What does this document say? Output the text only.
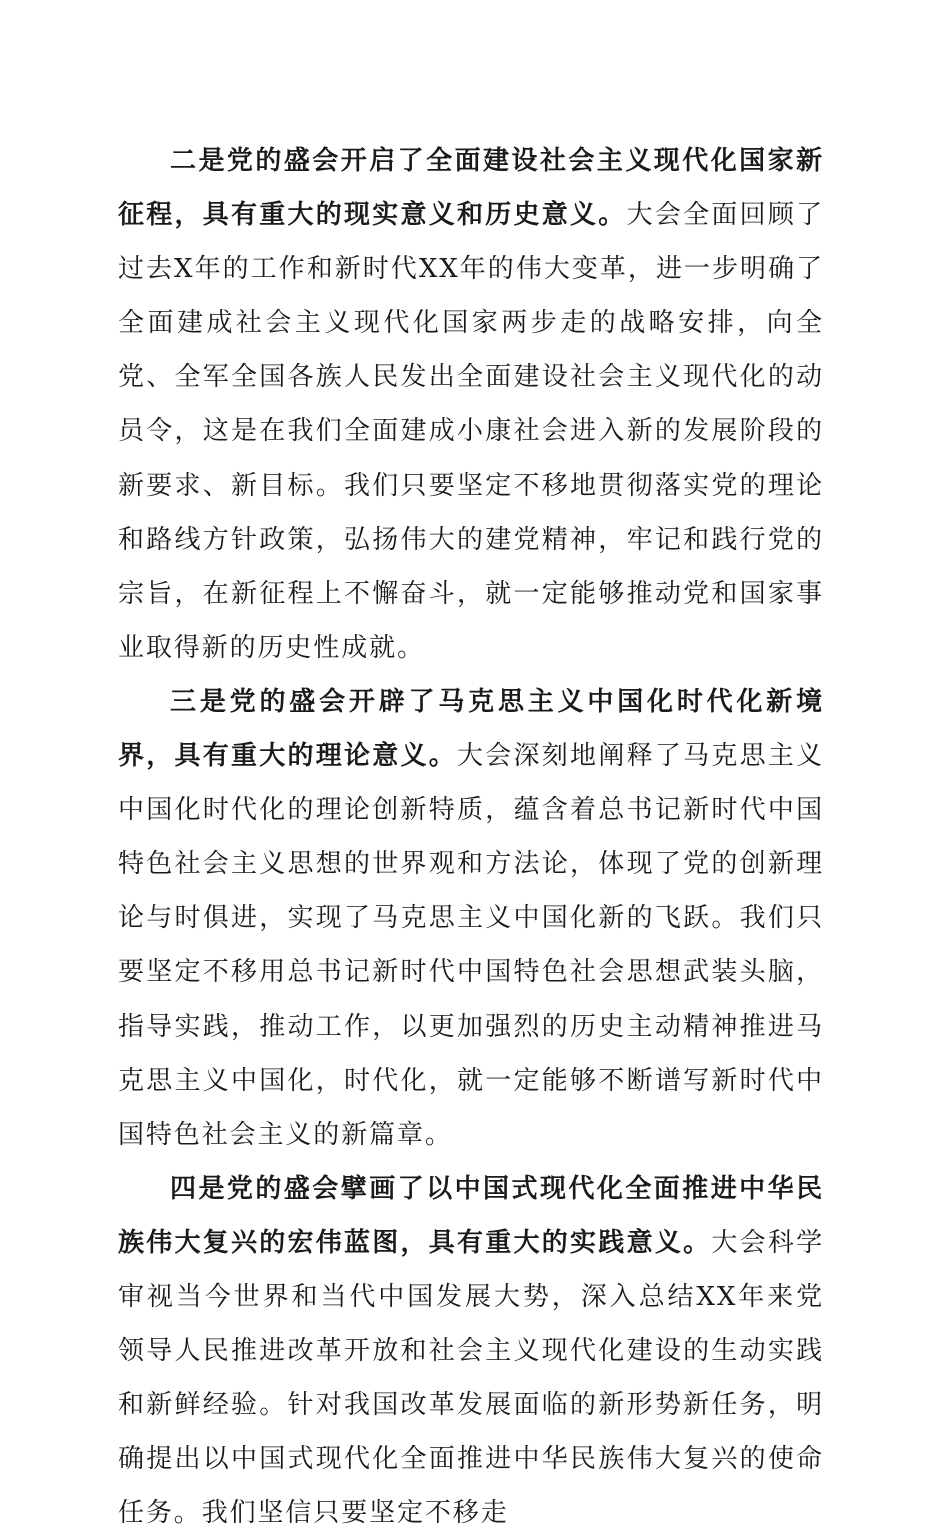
二是党的盛会开启了全面建设社会主义现代化国家新征程，具有重大的现实意义和历史意义。大会全面回顾了过去X年的工作和新时代XX年的伟大变革，进一步明确了全面建成社会主义现代化国家两步走的战略安排，向全党、全军全国各族人民发出全面建设社会主义现代化的动员令，这是在我们全面建成小康社会进入新的发展阶段的新要求、新目标。我们只要坚定不移地贯彻落实党的理论和路线方针政策，弘扬伟大的建党精神，牢记和践行党的宗旨，在新征程上不懈奋斗，就一定能够推动党和国家事业取得新的历史性成就。

三是党的盛会开辟了马克思主义中国化时代化新境界，具有重大的理论意义。大会深刻地阐释了马克思主义中国化时代化的理论创新特质，蕴含着总书记新时代中国特色社会主义思想的世界观和方法论，体现了党的创新理论与时俱进，实现了马克思主义中国化新的飞跃。我们只要坚定不移用总书记新时代中国特色社会思想武装头脑，指导实践，推动工作，以更加强烈的历史主动精神推进马克思主义中国化，时代化，就一定能够不断谱写新时代中国特色社会主义的新篇章。

四是党的盛会擘画了以中国式现代化全面推进中华民族伟大复兴的宏伟蓝图，具有重大的实践意义。大会科学审视当今世界和当代中国发展大势，深入总结XX年来党领导人民推进改革开放和社会主义现代化建设的生动实践和新鲜经验。针对我国改革发展面临的新形势新任务，明确提出以中国式现代化全面推进中华民族伟大复兴的使命任务。我们坚信只要坚定不移走
